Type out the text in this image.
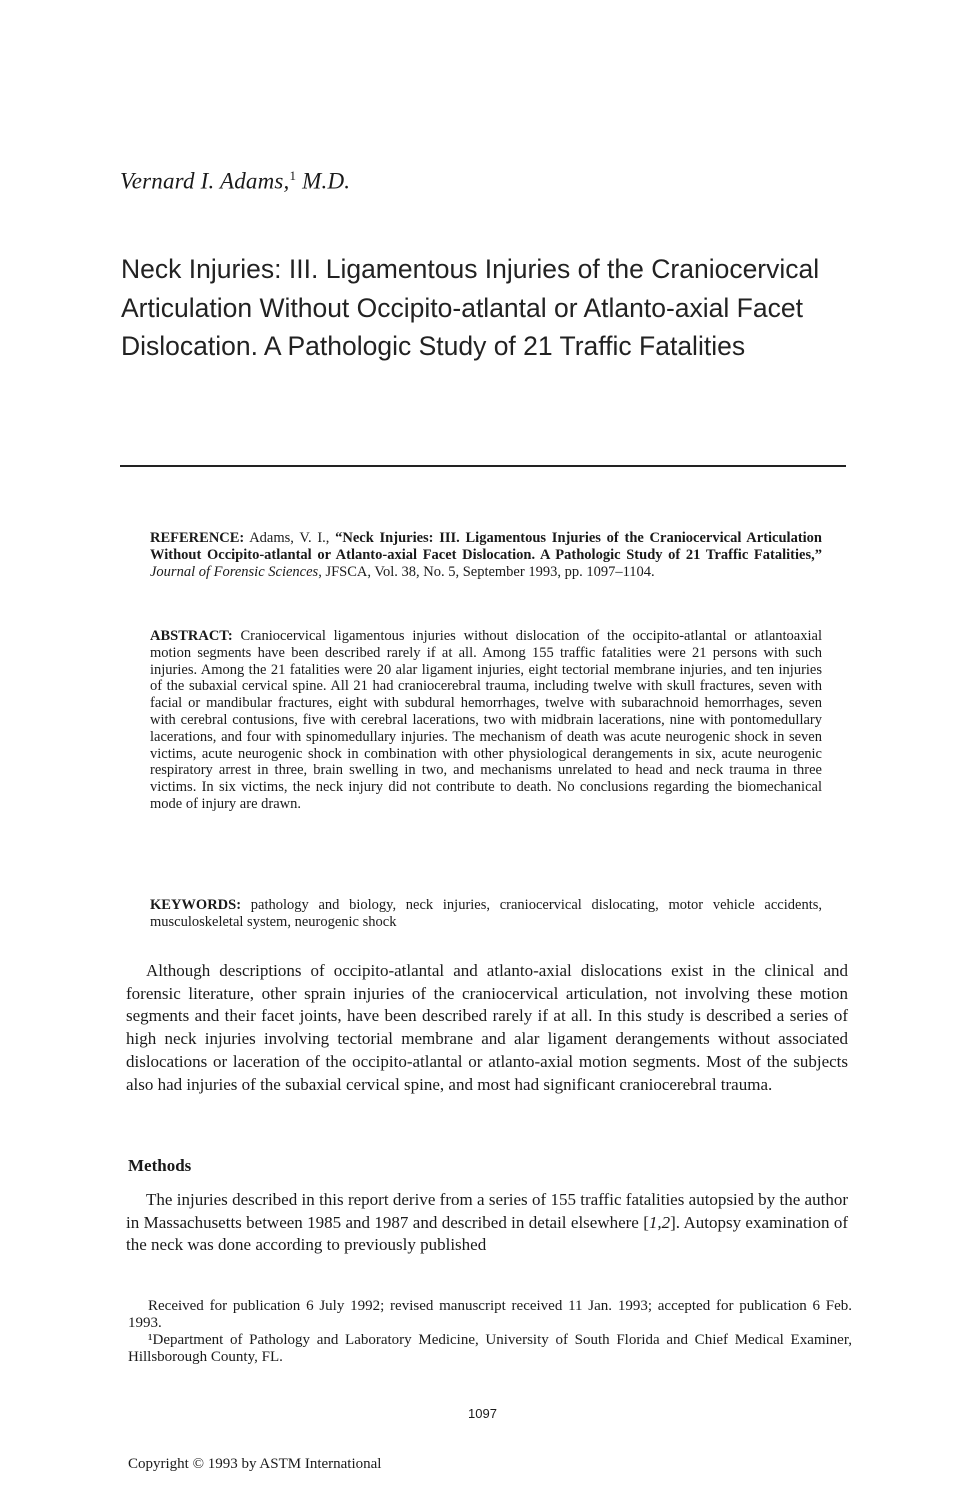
Vernard I. Adams,$^1$ M.D.
Neck Injuries: III. Ligamentous Injuries of the Craniocervical Articulation Without Occipito-atlantal or Atlanto-axial Facet Dislocation. A Pathologic Study of 21 Traffic Fatalities
REFERENCE: Adams, V. I., “Neck Injuries: III. Ligamentous Injuries of the Craniocervical Articulation Without Occipito-atlantal or Atlanto-axial Facet Dislocation. A Pathologic Study of 21 Traffic Fatalities,” Journal of Forensic Sciences, JFSCA, Vol. 38, No. 5, September 1993, pp. 1097–1104.
ABSTRACT: Craniocervical ligamentous injuries without dislocation of the occipito-atlantal or atlantoaxial motion segments have been described rarely if at all. Among 155 traffic fatalities were 21 persons with such injuries. Among the 21 fatalities were 20 alar ligament injuries, eight tectorial membrane injuries, and ten injuries of the subaxial cervical spine. All 21 had craniocerebral trauma, including twelve with skull fractures, seven with facial or mandibular fractures, eight with subdural hemorrhages, twelve with subarachnoid hemorrhages, seven with cerebral contusions, five with cerebral lacerations, two with midbrain lacerations, nine with pontomedullary lacerations, and four with spinomedullary injuries. The mechanism of death was acute neurogenic shock in seven victims, acute neurogenic shock in combination with other physiological derangements in six, acute neurogenic respiratory arrest in three, brain swelling in two, and mechanisms unrelated to head and neck trauma in three victims. In six victims, the neck injury did not contribute to death. No conclusions regarding the biomechanical mode of injury are drawn.
KEYWORDS: pathology and biology, neck injuries, craniocervical dislocating, motor vehicle accidents, musculoskeletal system, neurogenic shock
Although descriptions of occipito-atlantal and atlanto-axial dislocations exist in the clinical and forensic literature, other sprain injuries of the craniocervical articulation, not involving these motion segments and their facet joints, have been described rarely if at all. In this study is described a series of high neck injuries involving tectorial membrane and alar ligament derangements without associated dislocations or laceration of the occipito-atlantal or atlanto-axial motion segments. Most of the subjects also had injuries of the subaxial cervical spine, and most had significant craniocerebral trauma.
Methods
The injuries described in this report derive from a series of 155 traffic fatalities autopsied by the author in Massachusetts between 1985 and 1987 and described in detail elsewhere [1,2]. Autopsy examination of the neck was done according to previously published
Received for publication 6 July 1992; revised manuscript received 11 Jan. 1993; accepted for publication 6 Feb. 1993.
¹Department of Pathology and Laboratory Medicine, University of South Florida and Chief Medical Examiner, Hillsborough County, FL.
1097
Copyright © 1993 by ASTM International
